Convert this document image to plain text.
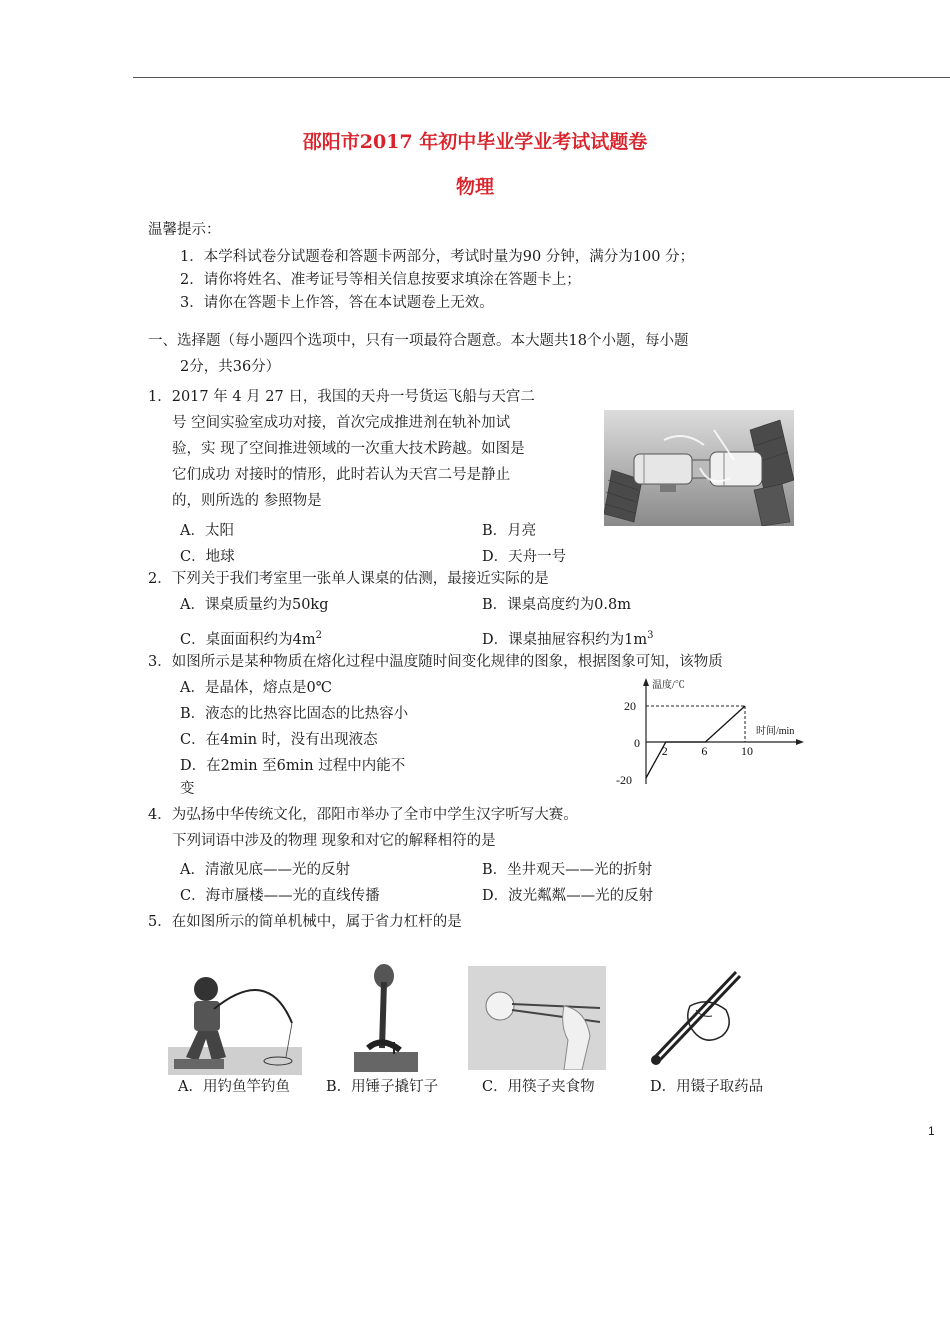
邵阳市2017 年初中毕业学业考试试题卷
物理
温馨提示：
1．本学科试卷分试题卷和答题卡两部分，考试时量为90 分钟，满分为100 分；
2．请你将姓名、准考证号等相关信息按要求填涂在答题卡上；
3．请你在答题卡上作答，答在本试题卷上无效。
一、选择题（每小题四个选项中，只有一项最符合题意。本大题共18个小题，每小题
2分，共36分）
1．2017 年 4 月 27 日，我国的天舟一号货运飞船与天宫二
号 空间实验室成功对接，首次完成推进剂在轨补加试
验，实 现了空间推进领域的一次重大技术跨越。如图是
它们成功 对接时的情形，此时若认为天宫二号是静止
的，则所选的 参照物是
A．太阳	B．月亮
C．地球	D．天舟一号
2．下列关于我们考室里一张单人课桌的估测，最接近实际的是
A．课桌质量约为50kg	B．课桌高度约为0.8m
C．桌面面积约为$4m^2$	D．课桌抽屉容积约为$1m^3$
3．如图所示是某种物质在熔化过程中温度随时间变化规律的图象，根据图象可知，该物质
A．是晶体，熔点是0℃
B．液态的比热容比固态的比热容小
C．在4min 时，没有出现液态
D．在2min 至6min 过程中内能不
变
温度/℃
时间/min
0
2	6	10
-20
20
4．为弘扬中华传统文化，邵阳市举办了全市中学生汉字听写大赛。
下列词语中涉及的物理 现象和对它的解释相符的是
A．清澈见底——光的反射	B．坐井观天——光的折射
C．海市蜃楼——光的直线传播	D．波光粼粼——光的反射
5．在如图所示的简单机械中，属于省力杠杆的是
A．用钓鱼竿钓鱼 B．用锤子撬钉子	C．用筷子夹食物	D．用镊子取药品
1
